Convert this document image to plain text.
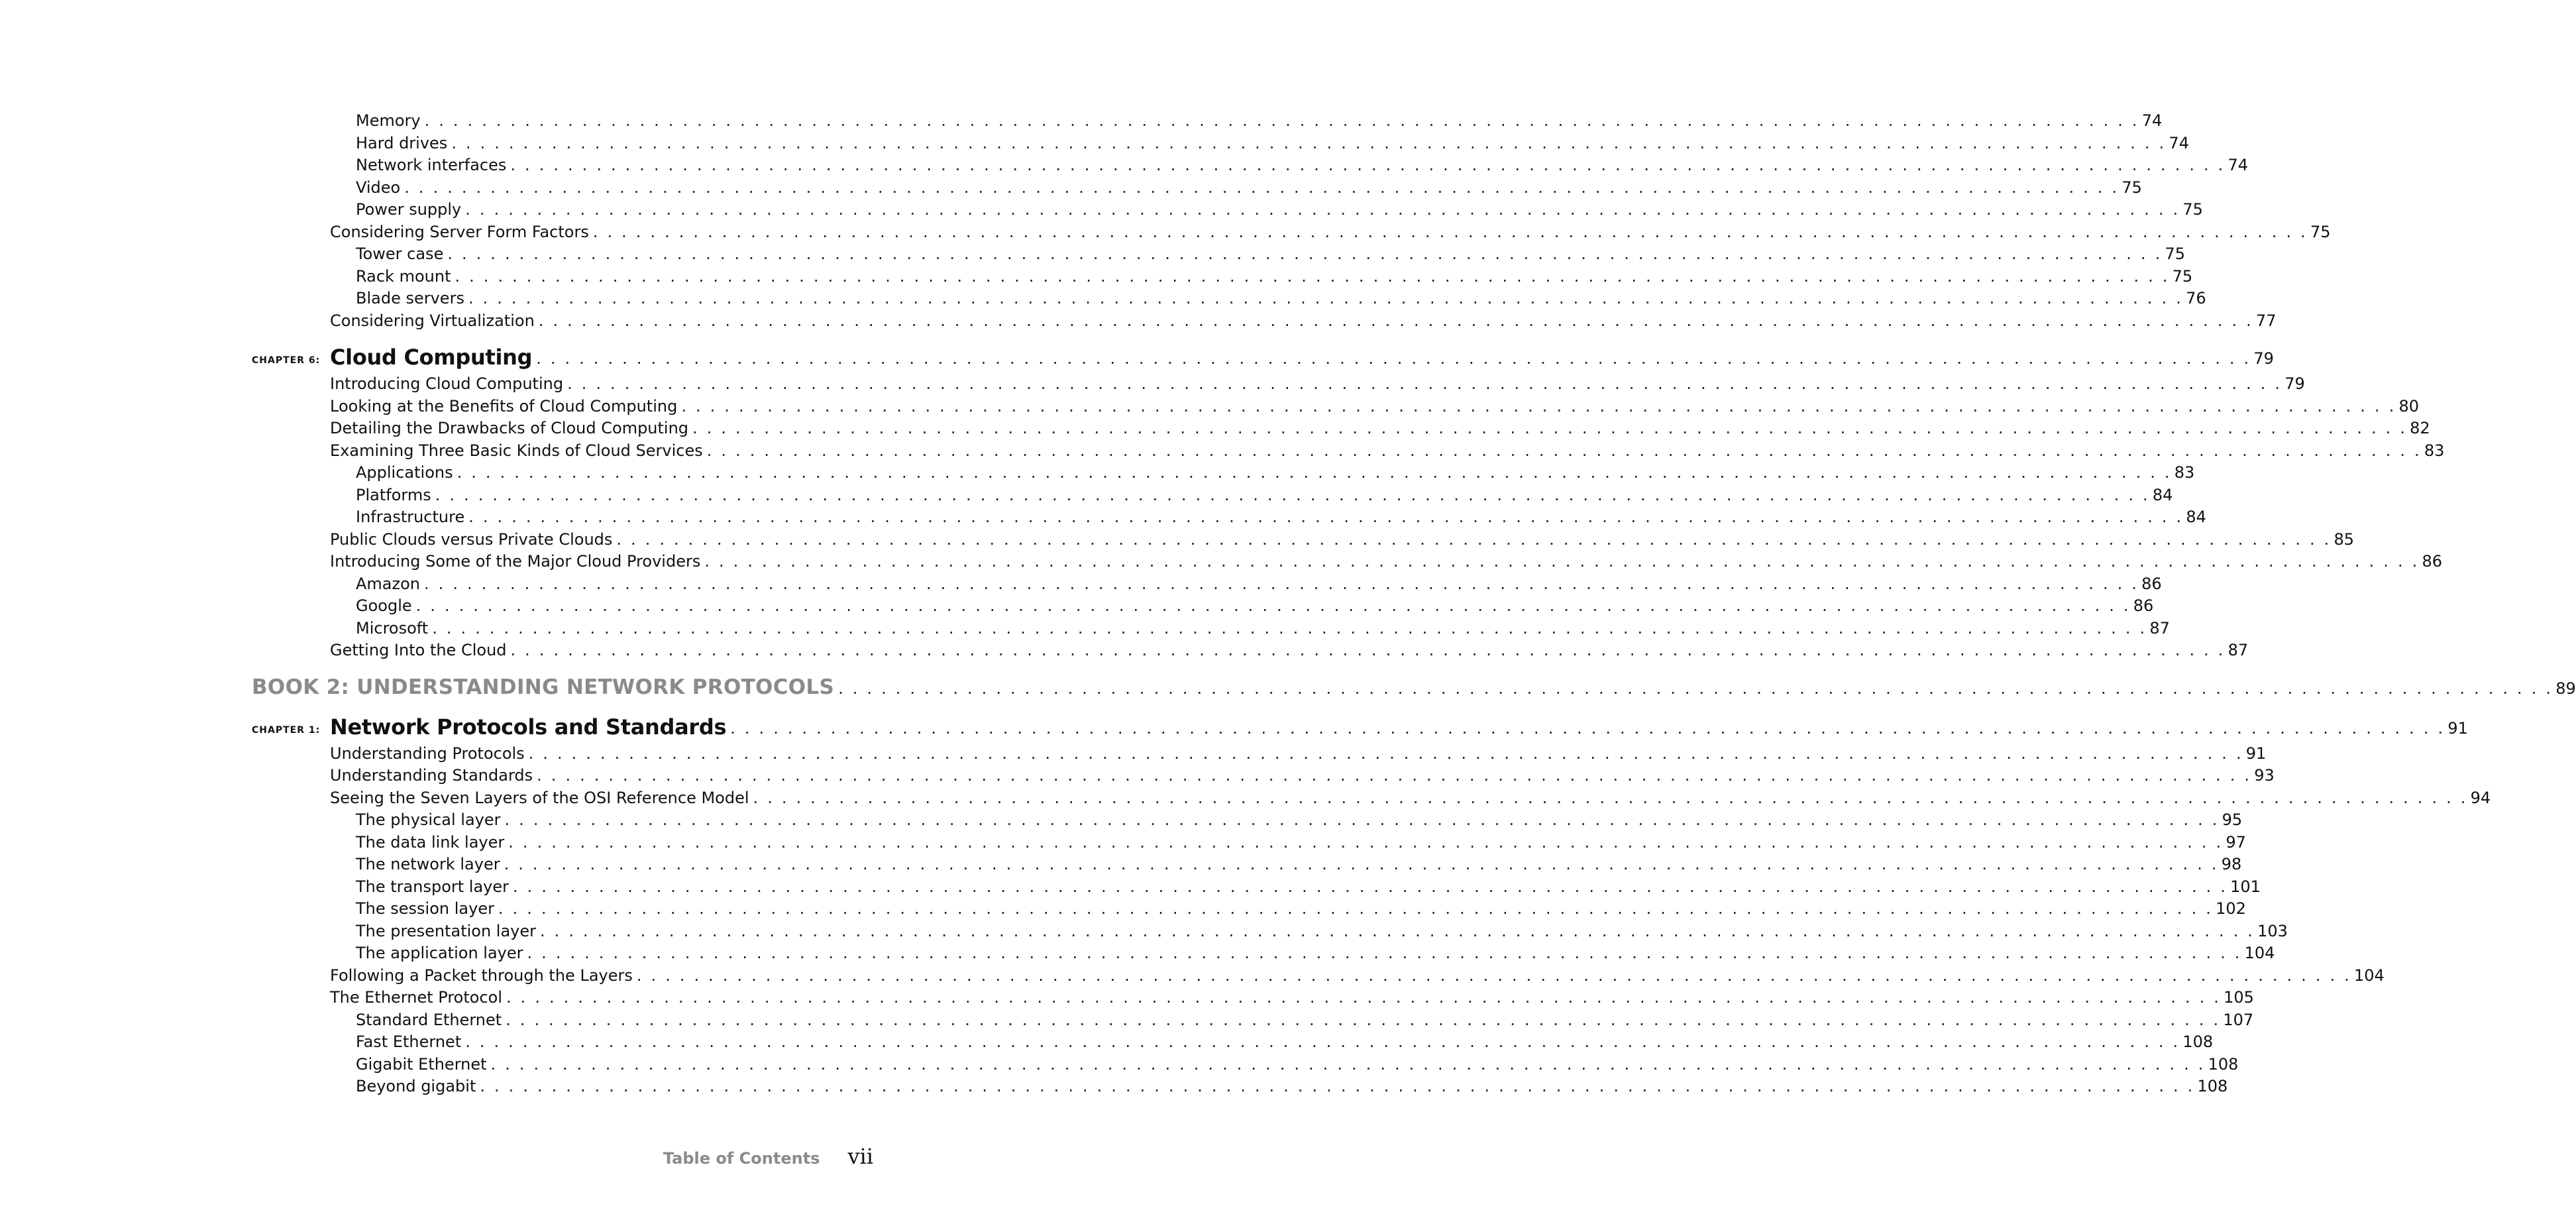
Memory . . . . . . . . . . . . . . . . . . . . . . . . . . . . . . . . . . . . . . . . . . . . . . . . . . . . . . . . . . . . . . . . . . . . . . . . . . . . . . . . . . . . . . . . . . . . . . . . . . . . . . . . . . . . . . . . . . . . . . . . 74
Hard drives . . . . . . . . . . . . . . . . . . . . . . . . . . . . . . . . . . . . . . . . . . . . . . . . . . . . . . . . . . . . . . . . . . . . . . . . . . . . . . . . . . . . . . . . . . . . . . . . . . . . . . . . . . . . . . . . . . . . . . . . 74
Network interfaces . . . . . . . . . . . . . . . . . . . . . . . . . . . . . . . . . . . . . . . . . . . . . . . . . . . . . . . . . . . . . . . . . . . . . . . . . . . . . . . . . . . . . . . . . . . . . . . . . . . . . . . . . . . . . . . . . . . . . . . . 74
Video . . . . . . . . . . . . . . . . . . . . . . . . . . . . . . . . . . . . . . . . . . . . . . . . . . . . . . . . . . . . . . . . . . . . . . . . . . . . . . . . . . . . . . . . . . . . . . . . . . . . . . . . . . . . . . . . . . . . . . . . 75
Power supply . . . . . . . . . . . . . . . . . . . . . . . . . . . . . . . . . . . . . . . . . . . . . . . . . . . . . . . . . . . . . . . . . . . . . . . . . . . . . . . . . . . . . . . . . . . . . . . . . . . . . . . . . . . . . . . . . . . . . . . . 75
Considering Server Form Factors . . . . . . . . . . . . . . . . . . . . . . . . . . . . . . . . . . . . . . . . . . . . . . . . . . . . . . . . . . . . . . . . . . . . . . . . . . . . . . . . . . . . . . . . . . . . . . . . . . . . . . . . . . . . . . . . . . . . . . . . 75
Tower case . . . . . . . . . . . . . . . . . . . . . . . . . . . . . . . . . . . . . . . . . . . . . . . . . . . . . . . . . . . . . . . . . . . . . . . . . . . . . . . . . . . . . . . . . . . . . . . . . . . . . . . . . . . . . . . . . . . . . . . . 75
Rack mount . . . . . . . . . . . . . . . . . . . . . . . . . . . . . . . . . . . . . . . . . . . . . . . . . . . . . . . . . . . . . . . . . . . . . . . . . . . . . . . . . . . . . . . . . . . . . . . . . . . . . . . . . . . . . . . . . . . . . . . . 75
Blade servers . . . . . . . . . . . . . . . . . . . . . . . . . . . . . . . . . . . . . . . . . . . . . . . . . . . . . . . . . . . . . . . . . . . . . . . . . . . . . . . . . . . . . . . . . . . . . . . . . . . . . . . . . . . . . . . . . . . . . . . . 76
Considering Virtualization . . . . . . . . . . . . . . . . . . . . . . . . . . . . . . . . . . . . . . . . . . . . . . . . . . . . . . . . . . . . . . . . . . . . . . . . . . . . . . . . . . . . . . . . . . . . . . . . . . . . . . . . . . . . . . . . . . . . . . . . 77
CHAPTER 6: Cloud Computing . . . . . . . . . . . . . . . . . . . . . . . . . . . . . . . . . . . . . . . . . . . . . . . . . . . . . . . . . . . . . . . . . . . . . . . . . . . . . . . . . . . . . . . . . . . . . . . . . . . . . . . . . . . . . . . . . . . . . . . . 79
Introducing Cloud Computing . . . . . . . . . . . . . . . . . . . . . . . . . . . . . . . . . . . . . . . . . . . . . . . . . . . . . . . . . . . . . . . . . . . . . . . . . . . . . . . . . . . . . . . . . . . . . . . . . . . . . . . . . . . . . . . . . . . . . . . . 79
Looking at the Benefits of Cloud Computing . . . . . . . . . . . . . . . . . . . . . . . . . . . . . . . . . . . . . . . . . . . . . . . . . . . . . . . . . . . . . . . . . . . . . . . . . . . . . . . . . . . . . . . . . . . . . . . . . . . . . . . . . . . . . . . . . . . . . . . . 80
Detailing the Drawbacks of Cloud Computing . . . . . . . . . . . . . . . . . . . . . . . . . . . . . . . . . . . . . . . . . . . . . . . . . . . . . . . . . . . . . . . . . . . . . . . . . . . . . . . . . . . . . . . . . . . . . . . . . . . . . . . . . . . . . . . . . . . . . . . . 82
Examining Three Basic Kinds of Cloud Services . . . . . . . . . . . . . . . . . . . . . . . . . . . . . . . . . . . . . . . . . . . . . . . . . . . . . . . . . . . . . . . . . . . . . . . . . . . . . . . . . . . . . . . . . . . . . . . . . . . . . . . . . . . . . . . . . . . . . . . . 83
Applications . . . . . . . . . . . . . . . . . . . . . . . . . . . . . . . . . . . . . . . . . . . . . . . . . . . . . . . . . . . . . . . . . . . . . . . . . . . . . . . . . . . . . . . . . . . . . . . . . . . . . . . . . . . . . . . . . . . . . . . . 83
Platforms . . . . . . . . . . . . . . . . . . . . . . . . . . . . . . . . . . . . . . . . . . . . . . . . . . . . . . . . . . . . . . . . . . . . . . . . . . . . . . . . . . . . . . . . . . . . . . . . . . . . . . . . . . . . . . . . . . . . . . . . 84
Infrastructure . . . . . . . . . . . . . . . . . . . . . . . . . . . . . . . . . . . . . . . . . . . . . . . . . . . . . . . . . . . . . . . . . . . . . . . . . . . . . . . . . . . . . . . . . . . . . . . . . . . . . . . . . . . . . . . . . . . . . . . . 84
Public Clouds versus Private Clouds . . . . . . . . . . . . . . . . . . . . . . . . . . . . . . . . . . . . . . . . . . . . . . . . . . . . . . . . . . . . . . . . . . . . . . . . . . . . . . . . . . . . . . . . . . . . . . . . . . . . . . . . . . . . . . . . . . . . . . . . 85
Introducing Some of the Major Cloud Providers . . . . . . . . . . . . . . . . . . . . . . . . . . . . . . . . . . . . . . . . . . . . . . . . . . . . . . . . . . . . . . . . . . . . . . . . . . . . . . . . . . . . . . . . . . . . . . . . . . . . . . . . . . . . . . . . . . . . . . . . 86
Amazon . . . . . . . . . . . . . . . . . . . . . . . . . . . . . . . . . . . . . . . . . . . . . . . . . . . . . . . . . . . . . . . . . . . . . . . . . . . . . . . . . . . . . . . . . . . . . . . . . . . . . . . . . . . . . . . . . . . . . . . . 86
Google . . . . . . . . . . . . . . . . . . . . . . . . . . . . . . . . . . . . . . . . . . . . . . . . . . . . . . . . . . . . . . . . . . . . . . . . . . . . . . . . . . . . . . . . . . . . . . . . . . . . . . . . . . . . . . . . . . . . . . . . 86
Microsoft . . . . . . . . . . . . . . . . . . . . . . . . . . . . . . . . . . . . . . . . . . . . . . . . . . . . . . . . . . . . . . . . . . . . . . . . . . . . . . . . . . . . . . . . . . . . . . . . . . . . . . . . . . . . . . . . . . . . . . . . 87
Getting Into the Cloud . . . . . . . . . . . . . . . . . . . . . . . . . . . . . . . . . . . . . . . . . . . . . . . . . . . . . . . . . . . . . . . . . . . . . . . . . . . . . . . . . . . . . . . . . . . . . . . . . . . . . . . . . . . . . . . . . . . . . . . . 87
BOOK 2: UNDERSTANDING NETWORK PROTOCOLS . . . . . . . . . . . . . . . . . . . . . . . . . . . . . . . . . . . . . . . . . . . . . . . . . . . . . . . . . . . . . . . . . . . . . . . . . . . . . . . . . . . . . . . . . . . . . . . . . . . . . . . . . . . . . . . . . . . . . . . . 89
CHAPTER 1: Network Protocols and Standards . . . . . . . . . . . . . . . . . . . . . . . . . . . . . . . . . . . . . . . . . . . . . . . . . . . . . . . . . . . . . . . . . . . . . . . . . . . . . . . . . . . . . . . . . . . . . . . . . . . . . . . . . . . . . . . . . . . . . . . . 91
Understanding Protocols . . . . . . . . . . . . . . . . . . . . . . . . . . . . . . . . . . . . . . . . . . . . . . . . . . . . . . . . . . . . . . . . . . . . . . . . . . . . . . . . . . . . . . . . . . . . . . . . . . . . . . . . . . . . . . . . . . . . . . . . 91
Understanding Standards . . . . . . . . . . . . . . . . . . . . . . . . . . . . . . . . . . . . . . . . . . . . . . . . . . . . . . . . . . . . . . . . . . . . . . . . . . . . . . . . . . . . . . . . . . . . . . . . . . . . . . . . . . . . . . . . . . . . . . . . 93
Seeing the Seven Layers of the OSI Reference Model . . . . . . . . . . . . . . . . . . . . . . . . . . . . . . . . . . . . . . . . . . . . . . . . . . . . . . . . . . . . . . . . . . . . . . . . . . . . . . . . . . . . . . . . . . . . . . . . . . . . . . . . . . . . . . . . . . . . . . . . 94
The physical layer . . . . . . . . . . . . . . . . . . . . . . . . . . . . . . . . . . . . . . . . . . . . . . . . . . . . . . . . . . . . . . . . . . . . . . . . . . . . . . . . . . . . . . . . . . . . . . . . . . . . . . . . . . . . . . . . . . . . . . . . 95
The data link layer . . . . . . . . . . . . . . . . . . . . . . . . . . . . . . . . . . . . . . . . . . . . . . . . . . . . . . . . . . . . . . . . . . . . . . . . . . . . . . . . . . . . . . . . . . . . . . . . . . . . . . . . . . . . . . . . . . . . . . . . 97
The network layer . . . . . . . . . . . . . . . . . . . . . . . . . . . . . . . . . . . . . . . . . . . . . . . . . . . . . . . . . . . . . . . . . . . . . . . . . . . . . . . . . . . . . . . . . . . . . . . . . . . . . . . . . . . . . . . . . . . . . . . . 98
The transport layer . . . . . . . . . . . . . . . . . . . . . . . . . . . . . . . . . . . . . . . . . . . . . . . . . . . . . . . . . . . . . . . . . . . . . . . . . . . . . . . . . . . . . . . . . . . . . . . . . . . . . . . . . . . . . . . . . . . . . . . . 101
The session layer . . . . . . . . . . . . . . . . . . . . . . . . . . . . . . . . . . . . . . . . . . . . . . . . . . . . . . . . . . . . . . . . . . . . . . . . . . . . . . . . . . . . . . . . . . . . . . . . . . . . . . . . . . . . . . . . . . . . . . . . 102
The presentation layer . . . . . . . . . . . . . . . . . . . . . . . . . . . . . . . . . . . . . . . . . . . . . . . . . . . . . . . . . . . . . . . . . . . . . . . . . . . . . . . . . . . . . . . . . . . . . . . . . . . . . . . . . . . . . . . . . . . . . . . . 103
The application layer . . . . . . . . . . . . . . . . . . . . . . . . . . . . . . . . . . . . . . . . . . . . . . . . . . . . . . . . . . . . . . . . . . . . . . . . . . . . . . . . . . . . . . . . . . . . . . . . . . . . . . . . . . . . . . . . . . . . . . . . 104
Following a Packet through the Layers . . . . . . . . . . . . . . . . . . . . . . . . . . . . . . . . . . . . . . . . . . . . . . . . . . . . . . . . . . . . . . . . . . . . . . . . . . . . . . . . . . . . . . . . . . . . . . . . . . . . . . . . . . . . . . . . . . . . . . . . 104
The Ethernet Protocol . . . . . . . . . . . . . . . . . . . . . . . . . . . . . . . . . . . . . . . . . . . . . . . . . . . . . . . . . . . . . . . . . . . . . . . . . . . . . . . . . . . . . . . . . . . . . . . . . . . . . . . . . . . . . . . . . . . . . . . . 105
Standard Ethernet . . . . . . . . . . . . . . . . . . . . . . . . . . . . . . . . . . . . . . . . . . . . . . . . . . . . . . . . . . . . . . . . . . . . . . . . . . . . . . . . . . . . . . . . . . . . . . . . . . . . . . . . . . . . . . . . . . . . . . . . 107
Fast Ethernet . . . . . . . . . . . . . . . . . . . . . . . . . . . . . . . . . . . . . . . . . . . . . . . . . . . . . . . . . . . . . . . . . . . . . . . . . . . . . . . . . . . . . . . . . . . . . . . . . . . . . . . . . . . . . . . . . . . . . . . . 108
Gigabit Ethernet . . . . . . . . . . . . . . . . . . . . . . . . . . . . . . . . . . . . . . . . . . . . . . . . . . . . . . . . . . . . . . . . . . . . . . . . . . . . . . . . . . . . . . . . . . . . . . . . . . . . . . . . . . . . . . . . . . . . . . . . 108
Beyond gigabit . . . . . . . . . . . . . . . . . . . . . . . . . . . . . . . . . . . . . . . . . . . . . . . . . . . . . . . . . . . . . . . . . . . . . . . . . . . . . . . . . . . . . . . . . . . . . . . . . . . . . . . . . . . . . . . . . . . . . . . . 108
Table of Contents vii
